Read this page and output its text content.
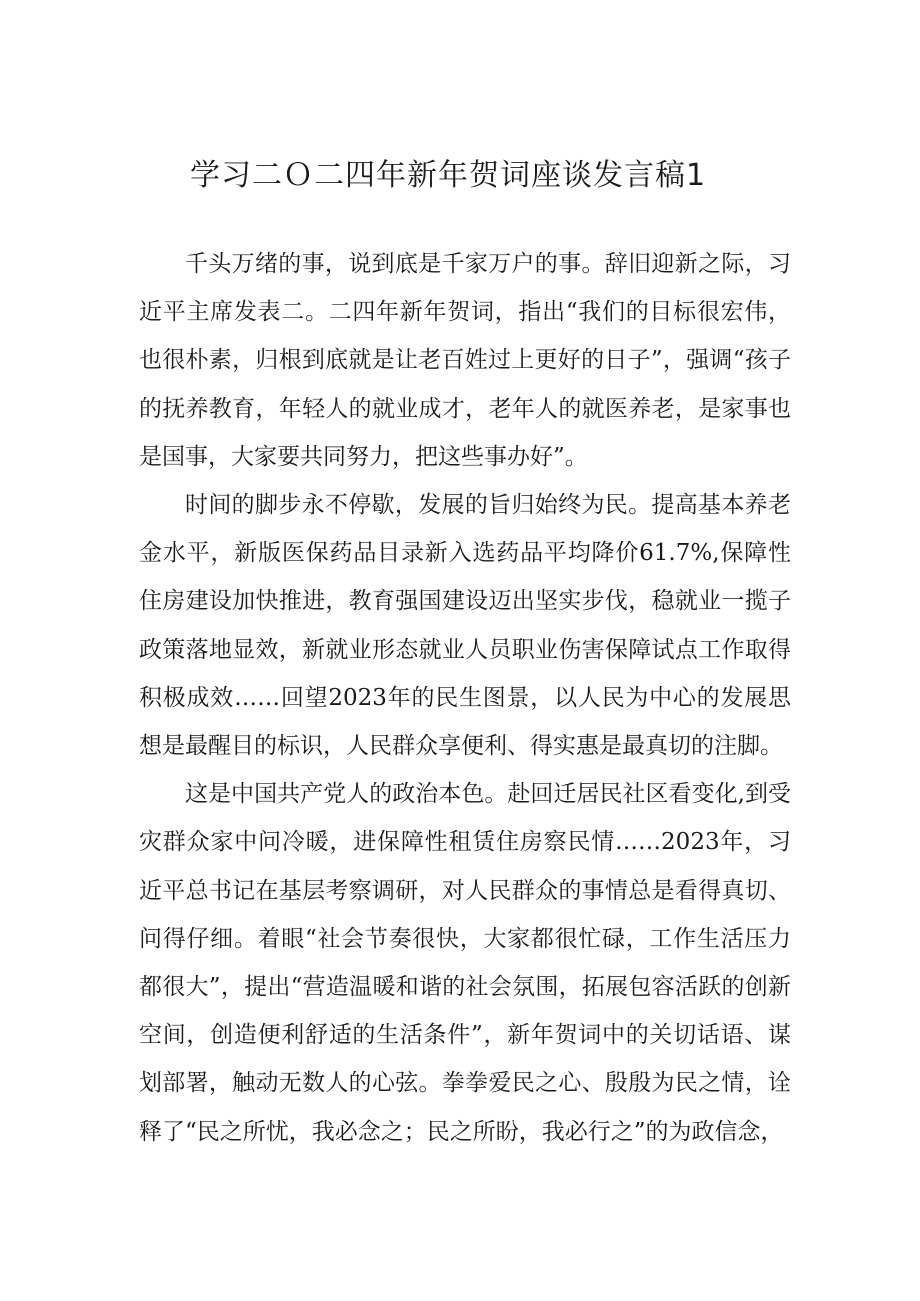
学习二Ｏ二四年新年贺词座谈发言稿1

千头万绪的事，说到底是千家万户的事。辞旧迎新之际，习近平主席发表二。二四年新年贺词，指出“我们的目标很宏伟，也很朴素，归根到底就是让老百姓过上更好的日子”，强调“孩子的抚养教育，年轻人的就业成才，老年人的就医养老，是家事也是国事，大家要共同努力，把这些事办好”。

时间的脚步永不停歇，发展的旨归始终为民。提高基本养老金水平，新版医保药品目录新入选药品平均降价61.7%,保障性住房建设加快推进，教育强国建设迈出坚实步伐，稳就业一揽子政策落地显效，新就业形态就业人员职业伤害保障试点工作取得积极成效……回望2023年的民生图景，以人民为中心的发展思想是最醒目的标识，人民群众享便利、得实惠是最真切的注脚。

这是中国共产党人的政治本色。赴回迁居民社区看变化,到受灾群众家中问冷暖，进保障性租赁住房察民情……2023年，习近平总书记在基层考察调研，对人民群众的事情总是看得真切、问得仔细。着眼“社会节奏很快，大家都很忙碌，工作生活压力都很大”，提出“营造温暖和谐的社会氛围，拓展包容活跃的创新空间，创造便利舒适的生活条件”，新年贺词中的关切话语、谋划部署，触动无数人的心弦。拳拳爱民之心、殷殷为民之情，诠释了“民之所忧，我必念之；民之所盼，我必行之”的为政信念，
